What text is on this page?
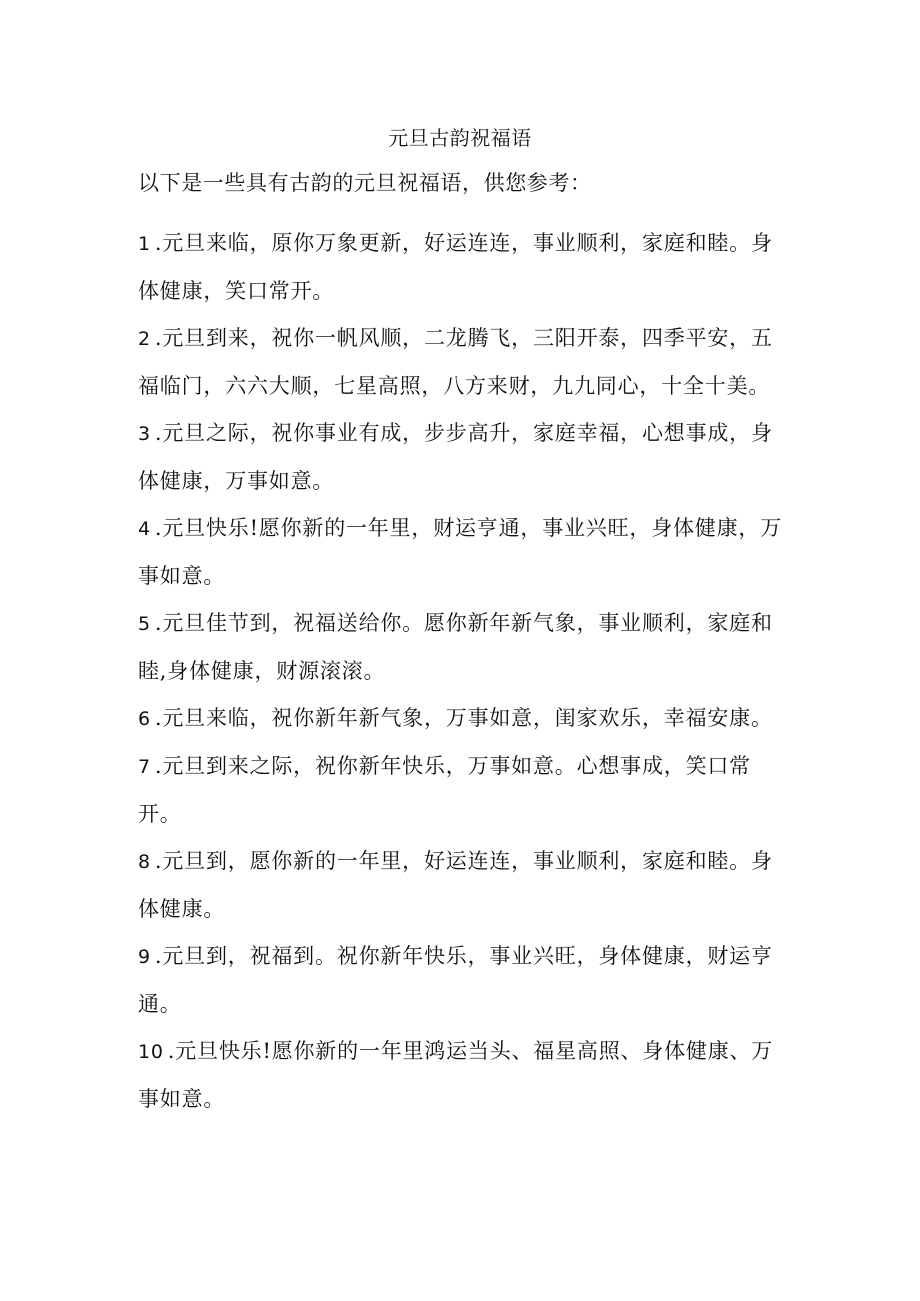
元旦古韵祝福语
以下是一些具有古韵的元旦祝福语，供您参考：
1 .元旦来临，原你万象更新，好运连连，事业顺利，家庭和睦。身体健康，笑口常开。
2 .元旦到来，祝你一帆风顺，二龙腾飞，三阳开泰，四季平安，五福临门，六六大顺，七星高照，八方来财，九九同心，十全十美。
3 .元旦之际，祝你事业有成，步步高升，家庭幸福，心想事成，身体健康，万事如意。
4 .元旦快乐!愿你新的一年里，财运亨通，事业兴旺，身体健康，万事如意。
5 .元旦佳节到，祝福送给你。愿你新年新气象，事业顺利，家庭和睦,身体健康，财源滚滚。
6 .元旦来临，祝你新年新气象，万事如意，闺家欢乐，幸福安康。
7 .元旦到来之际，祝你新年快乐，万事如意。心想事成，笑口常开。
8 .元旦到，愿你新的一年里，好运连连，事业顺利，家庭和睦。身体健康。
9 .元旦到，祝福到。祝你新年快乐，事业兴旺，身体健康，财运亨通。
10 .元旦快乐!愿你新的一年里鸿运当头、福星高照、身体健康、万事如意。
